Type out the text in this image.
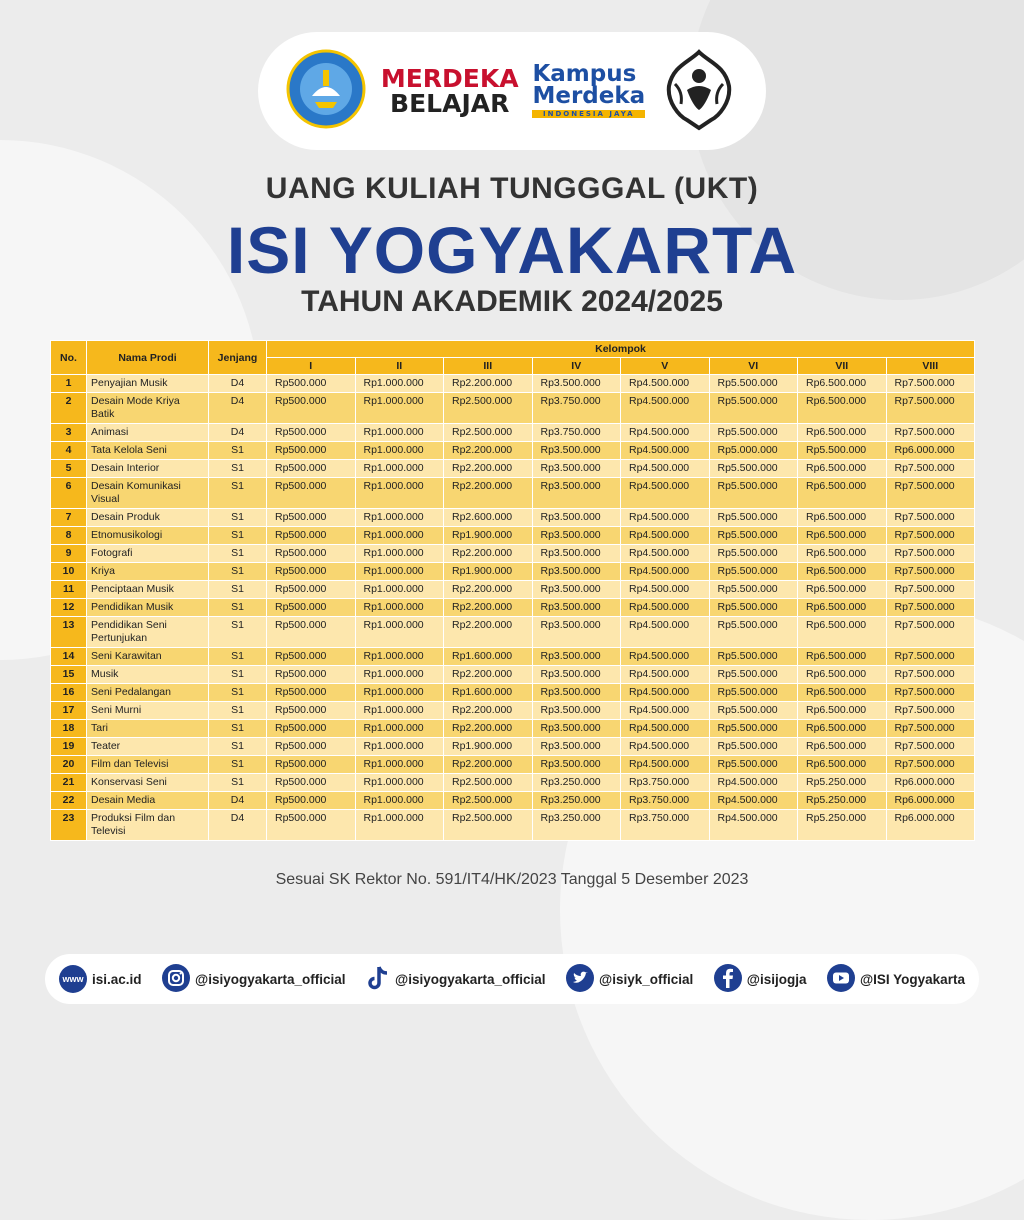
MERDEKA
BELAJAR
Kampus
Merdeka
INDONESIA JAYA
UANG KULIAH TUNGGGAL (UKT)
ISI YOGYAKARTA
TAHUN AKADEMIK 2024/2025
No.	Nama Prodi	Jenjang	Kelompok							
			I	II	III	IV	V	VI	VII	VIII
1	Penyajian Musik	D4	Rp500.000	Rp1.000.000	Rp2.200.000	Rp3.500.000	Rp4.500.000	Rp5.500.000	Rp6.500.000	Rp7.500.000
2	Desain Mode Kriya Batik	D4	Rp500.000	Rp1.000.000	Rp2.500.000	Rp3.750.000	Rp4.500.000	Rp5.500.000	Rp6.500.000	Rp7.500.000
3	Animasi	D4	Rp500.000	Rp1.000.000	Rp2.500.000	Rp3.750.000	Rp4.500.000	Rp5.500.000	Rp6.500.000	Rp7.500.000
4	Tata Kelola Seni	S1	Rp500.000	Rp1.000.000	Rp2.200.000	Rp3.500.000	Rp4.500.000	Rp5.000.000	Rp5.500.000	Rp6.000.000
5	Desain Interior	S1	Rp500.000	Rp1.000.000	Rp2.200.000	Rp3.500.000	Rp4.500.000	Rp5.500.000	Rp6.500.000	Rp7.500.000
6	Desain Komunikasi Visual	S1	Rp500.000	Rp1.000.000	Rp2.200.000	Rp3.500.000	Rp4.500.000	Rp5.500.000	Rp6.500.000	Rp7.500.000
7	Desain Produk	S1	Rp500.000	Rp1.000.000	Rp2.600.000	Rp3.500.000	Rp4.500.000	Rp5.500.000	Rp6.500.000	Rp7.500.000
8	Etnomusikologi	S1	Rp500.000	Rp1.000.000	Rp1.900.000	Rp3.500.000	Rp4.500.000	Rp5.500.000	Rp6.500.000	Rp7.500.000
9	Fotografi	S1	Rp500.000	Rp1.000.000	Rp2.200.000	Rp3.500.000	Rp4.500.000	Rp5.500.000	Rp6.500.000	Rp7.500.000
10	Kriya	S1	Rp500.000	Rp1.000.000	Rp1.900.000	Rp3.500.000	Rp4.500.000	Rp5.500.000	Rp6.500.000	Rp7.500.000
11	Penciptaan Musik	S1	Rp500.000	Rp1.000.000	Rp2.200.000	Rp3.500.000	Rp4.500.000	Rp5.500.000	Rp6.500.000	Rp7.500.000
12	Pendidikan Musik	S1	Rp500.000	Rp1.000.000	Rp2.200.000	Rp3.500.000	Rp4.500.000	Rp5.500.000	Rp6.500.000	Rp7.500.000
13	Pendidikan Seni Pertunjukan	S1	Rp500.000	Rp1.000.000	Rp2.200.000	Rp3.500.000	Rp4.500.000	Rp5.500.000	Rp6.500.000	Rp7.500.000
14	Seni Karawitan	S1	Rp500.000	Rp1.000.000	Rp1.600.000	Rp3.500.000	Rp4.500.000	Rp5.500.000	Rp6.500.000	Rp7.500.000
15	Musik	S1	Rp500.000	Rp1.000.000	Rp2.200.000	Rp3.500.000	Rp4.500.000	Rp5.500.000	Rp6.500.000	Rp7.500.000
16	Seni Pedalangan	S1	Rp500.000	Rp1.000.000	Rp1.600.000	Rp3.500.000	Rp4.500.000	Rp5.500.000	Rp6.500.000	Rp7.500.000
17	Seni Murni	S1	Rp500.000	Rp1.000.000	Rp2.200.000	Rp3.500.000	Rp4.500.000	Rp5.500.000	Rp6.500.000	Rp7.500.000
18	Tari	S1	Rp500.000	Rp1.000.000	Rp2.200.000	Rp3.500.000	Rp4.500.000	Rp5.500.000	Rp6.500.000	Rp7.500.000
19	Teater	S1	Rp500.000	Rp1.000.000	Rp1.900.000	Rp3.500.000	Rp4.500.000	Rp5.500.000	Rp6.500.000	Rp7.500.000
20	Film dan Televisi	S1	Rp500.000	Rp1.000.000	Rp2.200.000	Rp3.500.000	Rp4.500.000	Rp5.500.000	Rp6.500.000	Rp7.500.000
21	Konservasi Seni	S1	Rp500.000	Rp1.000.000	Rp2.500.000	Rp3.250.000	Rp3.750.000	Rp4.500.000	Rp5.250.000	Rp6.000.000
22	Desain Media	D4	Rp500.000	Rp1.000.000	Rp2.500.000	Rp3.250.000	Rp3.750.000	Rp4.500.000	Rp5.250.000	Rp6.000.000
23	Produksi Film dan Televisi	D4	Rp500.000	Rp1.000.000	Rp2.500.000	Rp3.250.000	Rp3.750.000	Rp4.500.000	Rp5.250.000	Rp6.000.000
Sesuai SK Rektor No. 591/IT4/HK/2023 Tanggal 5 Desember 2023
www isi.ac.id	@isiyogyakarta_official	@isiyogyakarta_official	@isiyk_official	@isijogja	@ISI Yogyakarta
